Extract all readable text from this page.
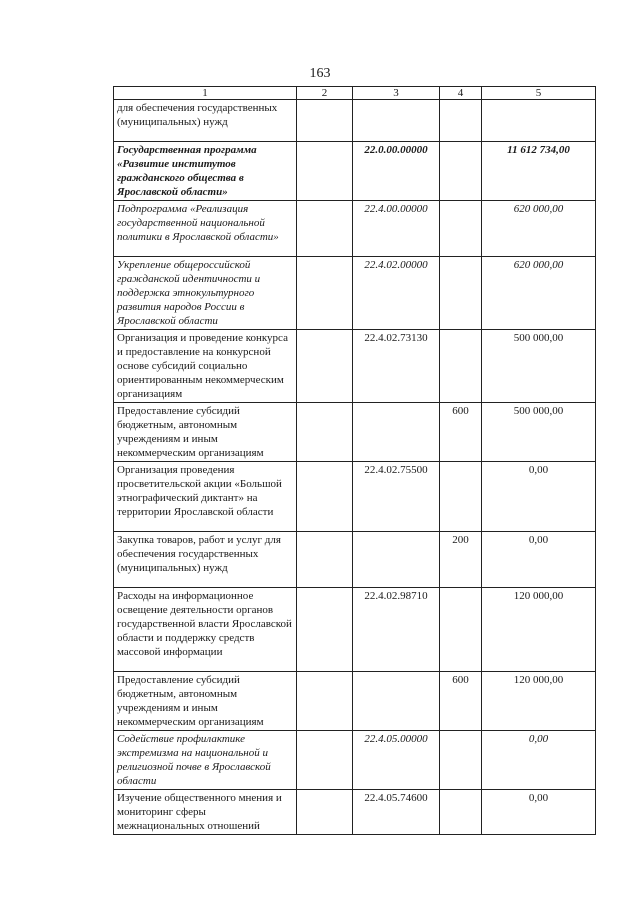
163
1	2	3	4	5
для обеспечения государственных (муниципальных) нужд				
Государственная программа «Развитие институтов гражданского общества в Ярославской области»		22.0.00.00000		11 612 734,00
Подпрограмма «Реализация государственной национальной политики в Ярославской области»		22.4.00.00000		620 000,00
Укрепление общероссийской гражданской идентичности и поддержка этнокультурного развития народов России в Ярославской области		22.4.02.00000		620 000,00
Организация и проведение конкурса и предоставление на конкурсной основе субсидий социально ориентированным некоммерческим организациям		22.4.02.73130		500 000,00
Предоставление субсидий бюджетным, автономным учреждениям и иным некоммерческим организациям			600	500 000,00
Организация проведения просветительской акции «Большой этнографический диктант» на территории Ярославской области		22.4.02.75500		0,00
Закупка товаров, работ и услуг для обеспечения государственных (муниципальных) нужд			200	0,00
Расходы на информационное освещение деятельности органов государственной власти Ярославской области и поддержку средств массовой информации		22.4.02.98710		120 000,00
Предоставление субсидий бюджетным, автономным учреждениям и иным некоммерческим организациям			600	120 000,00
Содействие профилактике экстремизма на национальной и религиозной почве в Ярославской области		22.4.05.00000		0,00
Изучение общественного мнения и мониторинг сферы межнациональных отношений		22.4.05.74600		0,00
